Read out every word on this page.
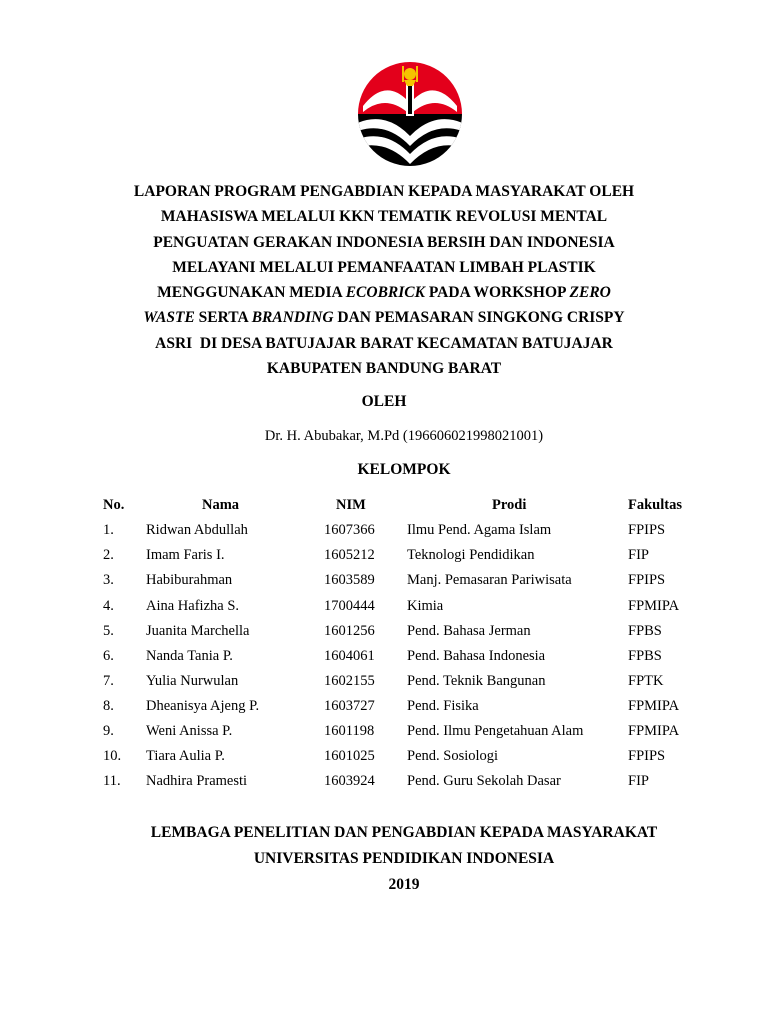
LAPORAN PROGRAM PENGABDIAN KEPADA MASYARAKAT OLEH
MAHASISWA MELALUI KKN TEMATIK REVOLUSI MENTAL
PENGUATAN GERAKAN INDONESIA BERSIH DAN INDONESIA
MELAYANI MELALUI PEMANFAATAN LIMBAH PLASTIK
MENGGUNAKAN MEDIA ECOBRICK PADA WORKSHOP ZERO
WASTE SERTA BRANDING DAN PEMASARAN SINGKONG CRISPY
ASRI  DI DESA BATUJAJAR BARAT KECAMATAN BATUJAJAR
KABUPATEN BANDUNG BARAT
OLEH
Dr. H. Abubakar, M.Pd (196606021998021001)
KELOMPOK
No.	Nama	NIM	Prodi	Fakultas
1. Ridwan Abdullah	1607366 Ilmu Pend. Agama Islam	FPIPS
2. Imam Faris I.	1605212 Teknologi Pendidikan	FIP
3. Habiburahman	1603589 Manj. Pemasaran Pariwisata	FPIPS
4. Aina Hafizha S.	1700444 Kimia	FPMIPA
5. Juanita Marchella	1601256 Pend. Bahasa Jerman	FPBS
6. Nanda Tania P.	1604061 Pend. Bahasa Indonesia	FPBS
7. Yulia Nurwulan	1602155 Pend. Teknik Bangunan	FPTK
8. Dheanisya Ajeng P.	1603727 Pend. Fisika	FPMIPA
9. Weni Anissa P.	1601198 Pend. Ilmu Pengetahuan Alam	FPMIPA
10. Tiara Aulia P.	1601025 Pend. Sosiologi	FPIPS
11. Nadhira Pramesti	1603924 Pend. Guru Sekolah Dasar	FIP
LEMBAGA PENELITIAN DAN PENGABDIAN KEPADA MASYARAKAT
UNIVERSITAS PENDIDIKAN INDONESIA
2019
